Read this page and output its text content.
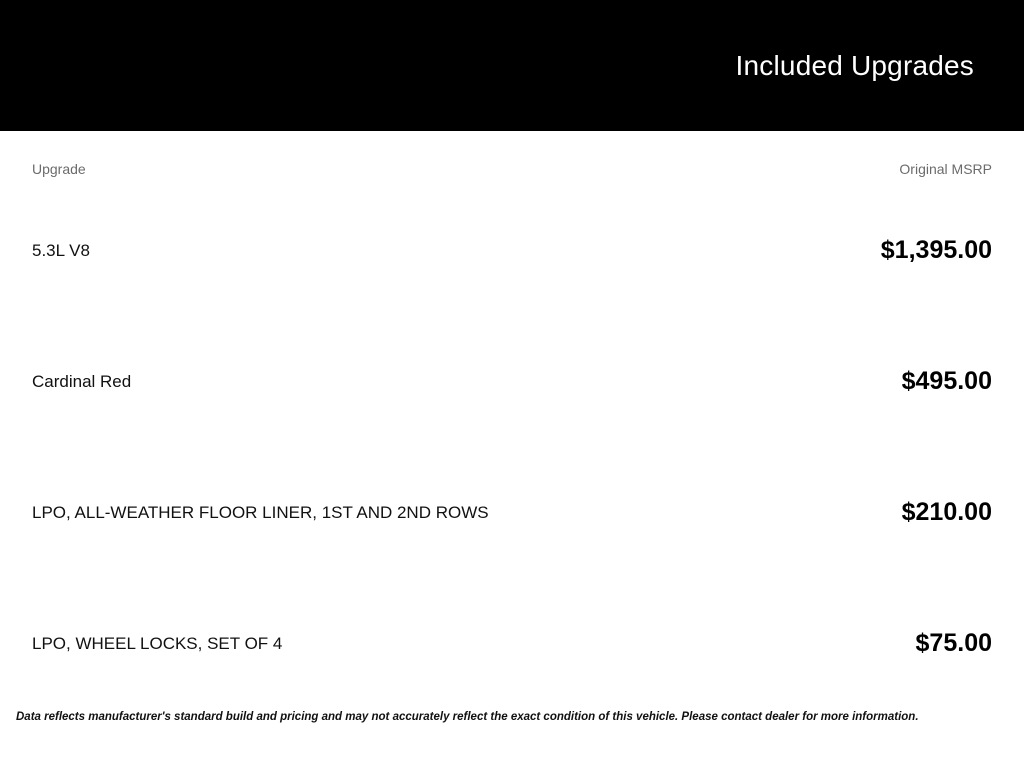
Included Upgrades
Upgrade	Original MSRP
5.3L V8	$1,395.00
Cardinal Red	$495.00
LPO, ALL-WEATHER FLOOR LINER, 1ST AND 2ND ROWS	$210.00
LPO, WHEEL LOCKS, SET OF 4	$75.00
Data reflects manufacturer's standard build and pricing and may not accurately reflect the exact condition of this vehicle. Please contact dealer for more information.
